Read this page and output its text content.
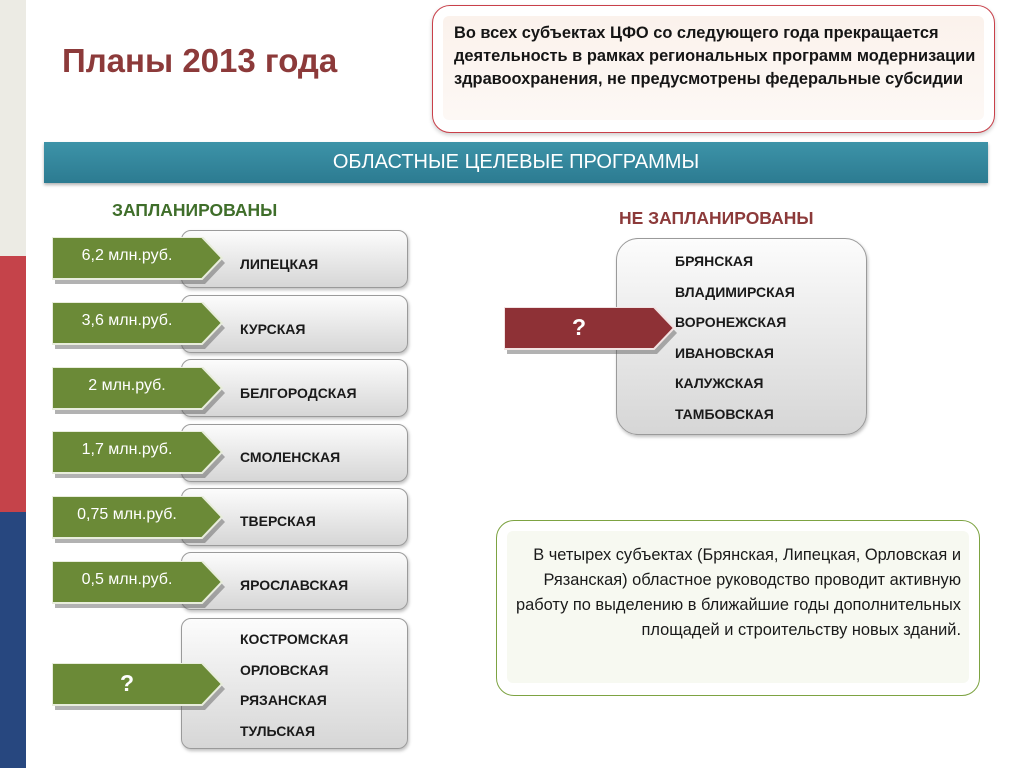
Планы 2013 года
Во всех субъектах ЦФО со следующего года прекращается деятельность в рамках региональных программ модернизации здравоохранения, не предусмотрены федеральные субсидии
ОБЛАСТНЫЕ ЦЕЛЕВЫЕ ПРОГРАММЫ
ЗАПЛАНИРОВАНЫ	НЕ ЗАПЛАНИРОВАНЫ
ЛИПЕЦКАЯ
КУРСКАЯ
БЕЛГОРОДСКАЯ
СМОЛЕНСКАЯ
ТВЕРСКАЯ
ЯРОСЛАВСКАЯ
КОСТРОМСКАЯ
ОРЛОВСКАЯ
РЯЗАНСКАЯ
ТУЛЬСКАЯ
6,2 млн.руб.
3,6 млн.руб.
2 млн.руб.
1,7 млн.руб.
0,75 млн.руб.
0,5 млн.руб.
?
БРЯНСКАЯ
ВЛАДИМИРСКАЯ
ВОРОНЕЖСКАЯ
ИВАНОВСКАЯ
КАЛУЖСКАЯ
ТАМБОВСКАЯ
?
В четырех субъектах (Брянская, Липецкая, Орловская и Рязанская) областное руководство проводит активную работу по выделению в ближайшие годы дополнительных площадей и строительству новых зданий.
